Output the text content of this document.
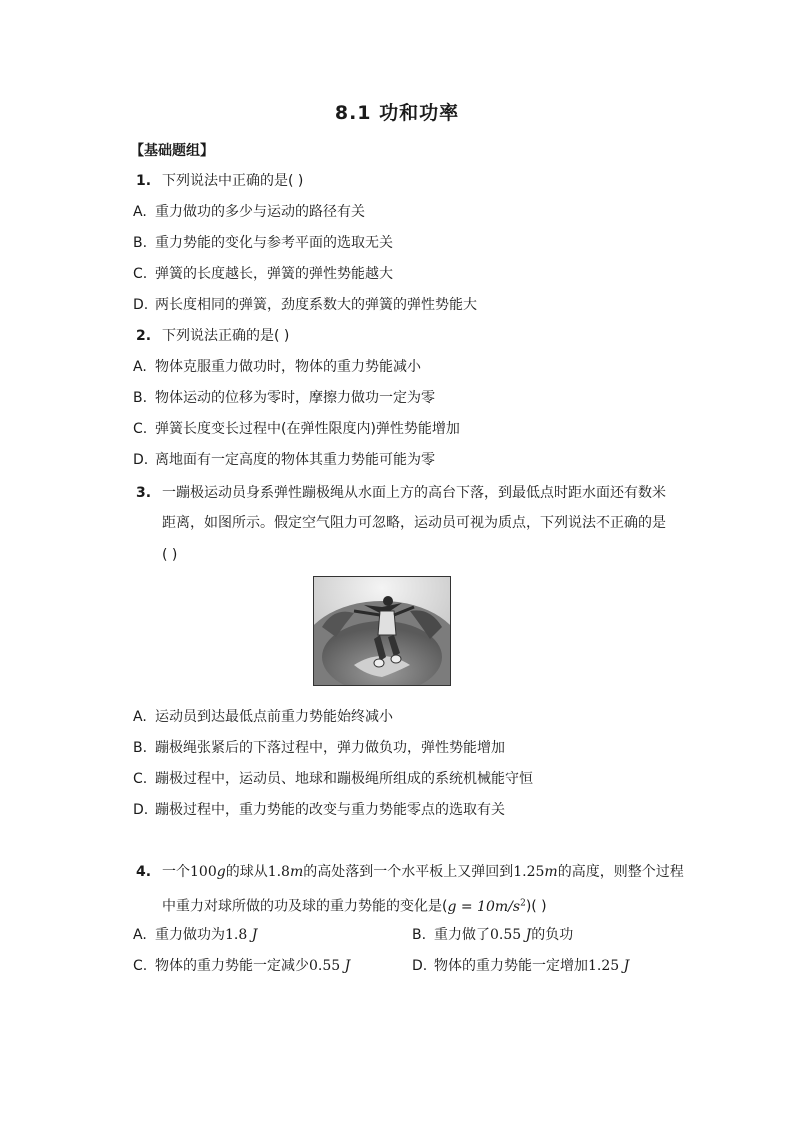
8.1 功和功率
【基础题组】
1. 下列说法中正确的是( )
A. 重力做功的多少与运动的路径有关
B. 重力势能的变化与参考平面的选取无关
C. 弹簧的长度越长，弹簧的弹性势能越大
D. 两长度相同的弹簧，劲度系数大的弹簧的弹性势能大
2. 下列说法正确的是( )
A. 物体克服重力做功时，物体的重力势能减小
B. 物体运动的位移为零时，摩擦力做功一定为零
C. 弹簧长度变长过程中(在弹性限度内)弹性势能增加
D. 离地面有一定高度的物体其重力势能可能为零
3. 一蹦极运动员身系弹性蹦极绳从水面上方的高台下落，到最低点时距水面还有数米
距离，如图所示。假定空气阻力可忽略，运动员可视为质点，下列说法不正确的是
( )
A. 运动员到达最低点前重力势能始终减小
B. 蹦极绳张紧后的下落过程中，弹力做负功，弹性势能增加
C. 蹦极过程中，运动员、地球和蹦极绳所组成的系统机械能守恒
D. 蹦极过程中，重力势能的改变与重力势能零点的选取有关
4. 一个100g的球从1.8m的高处落到一个水平板上又弹回到1.25m的高度，则整个过程
中重力对球所做的功及球的重力势能的变化是$(g = 10m/s^2)$( )
A. 重力做功为1.8 J	B. 重力做了0.55 J的负功
C. 物体的重力势能一定减少0.55 J	D. 物体的重力势能一定增加1.25 J
